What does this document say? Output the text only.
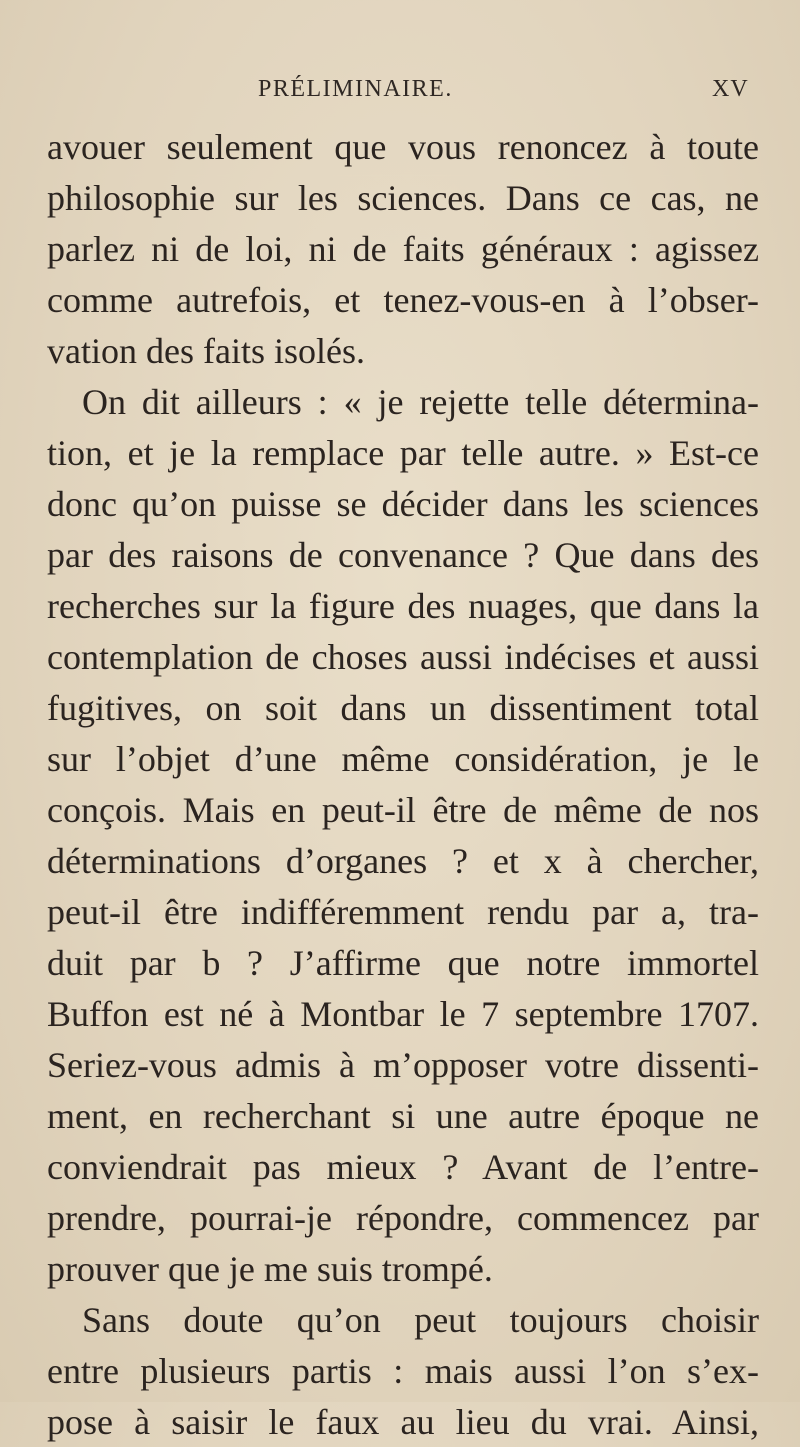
PRÉLIMINAIRE.	XV
avouer seulement que vous renoncez à toute
philosophie sur les sciences. Dans ce cas, ne
parlez ni de loi, ni de faits généraux : agissez
comme autrefois, et tenez-vous-en à l’obser-
vation des faits isolés.
On dit ailleurs : « je rejette telle détermina-
tion, et je la remplace par telle autre. » Est-ce
donc qu’on puisse se décider dans les sciences
par des raisons de convenance ? Que dans des
recherches sur la figure des nuages, que dans la
contemplation de choses aussi indécises et aussi
fugitives, on soit dans un dissentiment total
sur l’objet d’une même considération, je le
conçois. Mais en peut-il être de même de nos
déterminations d’organes ? et x à chercher,
peut-il être indifféremment rendu par a, tra-
duit par b ? J’affirme que notre immortel
Buffon est né à Montbar le 7 septembre 1707.
Seriez-vous admis à m’opposer votre dissenti-
ment, en recherchant si une autre époque ne
conviendrait pas mieux ? Avant de l’entre-
prendre, pourrai-je répondre, commencez par
prouver que je me suis trompé.
Sans doute qu’on peut toujours choisir
entre plusieurs partis : mais aussi l’on s’ex-
pose à saisir le faux au lieu du vrai. Ainsi,
